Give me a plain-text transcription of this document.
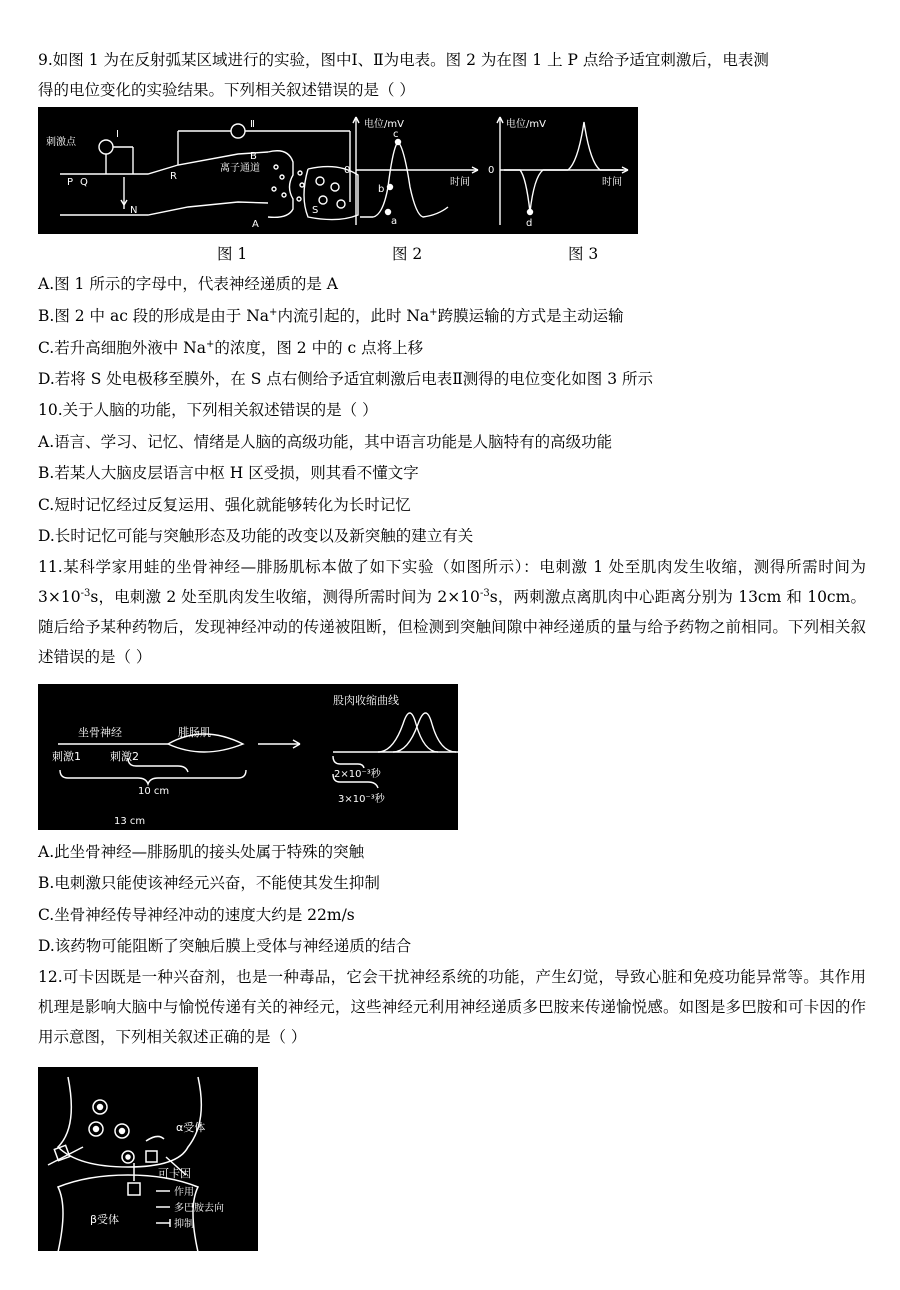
9.如图 1 为在反射弧某区域进行的实验，图中Ⅰ、Ⅱ为电表。图 2 为在图 1 上 P 点给予适宜刺激后，电表测
得的电位变化的实验结果。下列相关叙述错误的是（ ）
刺激点
Ⅰ
Ⅱ
P Q
R
N
B
离子通道
A
S
电位/mV
0
时间
a
b
c
电位/mV
0
时间
d
图 1	图 2	图 3
A.图 1 所示的字母中，代表神经递质的是 A
B.图 2 中 ac 段的形成是由于 Na+内流引起的，此时 Na+跨膜运输的方式是主动运输
C.若升高细胞外液中 Na+的浓度，图 2 中的 c 点将上移
D.若将 S 处电极移至膜外，在 S 点右侧给予适宜刺激后电表Ⅱ测得的电位变化如图 3 所示
10.关于人脑的功能，下列相关叙述错误的是（ ）
A.语言、学习、记忆、情绪是人脑的高级功能，其中语言功能是人脑特有的高级功能
B.若某人大脑皮层语言中枢 H 区受损，则其看不懂文字
C.短时记忆经过反复运用、强化就能够转化为长时记忆
D.长时记忆可能与突触形态及功能的改变以及新突触的建立有关
11.某科学家用蛙的坐骨神经—腓肠肌标本做了如下实验（如图所示）：电刺激 1 处至肌肉发生收缩，测得所需时间为 $3\times 10^{-3}s$，电刺激 2 处至肌肉发生收缩，测得所需时间为 $2\times 10^{-3}s$，两刺激点离肌肉中心距离分别为 13cm 和 10cm。随后给予某种药物后，发现神经冲动的传递被阻断，但检测到突触间隙中神经递质的量与给予药物之前相同。下列相关叙述错误的是（ ）
股肉收缩曲线
坐骨神经	腓肠肌
刺激1	刺激2
10 cm
13 cm
2×10⁻³秒
3×10⁻³秒
A.此坐骨神经—腓肠肌的接头处属于特殊的突触
B.电刺激只能使该神经元兴奋，不能使其发生抑制
C.坐骨神经传导神经冲动的速度大约是 22m/s
D.该药物可能阻断了突触后膜上受体与神经递质的结合
12.可卡因既是一种兴奋剂，也是一种毒品，它会干扰神经系统的功能，产生幻觉，导致心脏和免疫功能异常等。其作用机理是影响大脑中与愉悦传递有关的神经元，这些神经元利用神经递质多巴胺来传递愉悦感。如图是多巴胺和可卡因的作用示意图，下列相关叙述正确的是（ ）
α受体
可卡因
β受体
作用
多巴胺去向
抑制
